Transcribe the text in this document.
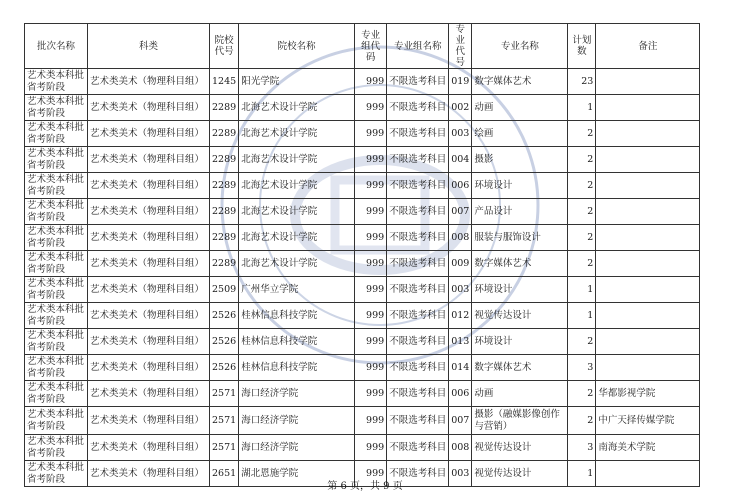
批次名称	科类	院校代号	院校名称	专业组代码	专业组名称	专业代号	专业名称	计划数	备注
艺术类本科批省考阶段	艺术类美术（物理科目组）	1245	阳光学院	999	不限选考科目	019	数字媒体艺术	23	
艺术类本科批省考阶段	艺术类美术（物理科目组）	2289	北海艺术设计学院	999	不限选考科目	002	动画	1	
艺术类本科批省考阶段	艺术类美术（物理科目组）	2289	北海艺术设计学院	999	不限选考科目	003	绘画	2	
艺术类本科批省考阶段	艺术类美术（物理科目组）	2289	北海艺术设计学院	999	不限选考科目	004	摄影	2	
艺术类本科批省考阶段	艺术类美术（物理科目组）	2289	北海艺术设计学院	999	不限选考科目	006	环境设计	2	
艺术类本科批省考阶段	艺术类美术（物理科目组）	2289	北海艺术设计学院	999	不限选考科目	007	产品设计	2	
艺术类本科批省考阶段	艺术类美术（物理科目组）	2289	北海艺术设计学院	999	不限选考科目	008	服装与服饰设计	2	
艺术类本科批省考阶段	艺术类美术（物理科目组）	2289	北海艺术设计学院	999	不限选考科目	009	数字媒体艺术	2	
艺术类本科批省考阶段	艺术类美术（物理科目组）	2509	广州华立学院	999	不限选考科目	003	环境设计	1	
艺术类本科批省考阶段	艺术类美术（物理科目组）	2526	桂林信息科技学院	999	不限选考科目	012	视觉传达设计	1	
艺术类本科批省考阶段	艺术类美术（物理科目组）	2526	桂林信息科技学院	999	不限选考科目	013	环境设计	2	
艺术类本科批省考阶段	艺术类美术（物理科目组）	2526	桂林信息科技学院	999	不限选考科目	014	数字媒体艺术	3	
艺术类本科批省考阶段	艺术类美术（物理科目组）	2571	海口经济学院	999	不限选考科目	006	动画	2	华都影视学院
艺术类本科批省考阶段	艺术类美术（物理科目组）	2571	海口经济学院	999	不限选考科目	007	摄影（融媒影像创作与营销）	2	中广天择传媒学院
艺术类本科批省考阶段	艺术类美术（物理科目组）	2571	海口经济学院	999	不限选考科目	008	视觉传达设计	3	南海美术学院
艺术类本科批省考阶段	艺术类美术（物理科目组）	2651	湖北恩施学院	999	不限选考科目	003	视觉传达设计	1	
第 6 页，共 9 页
